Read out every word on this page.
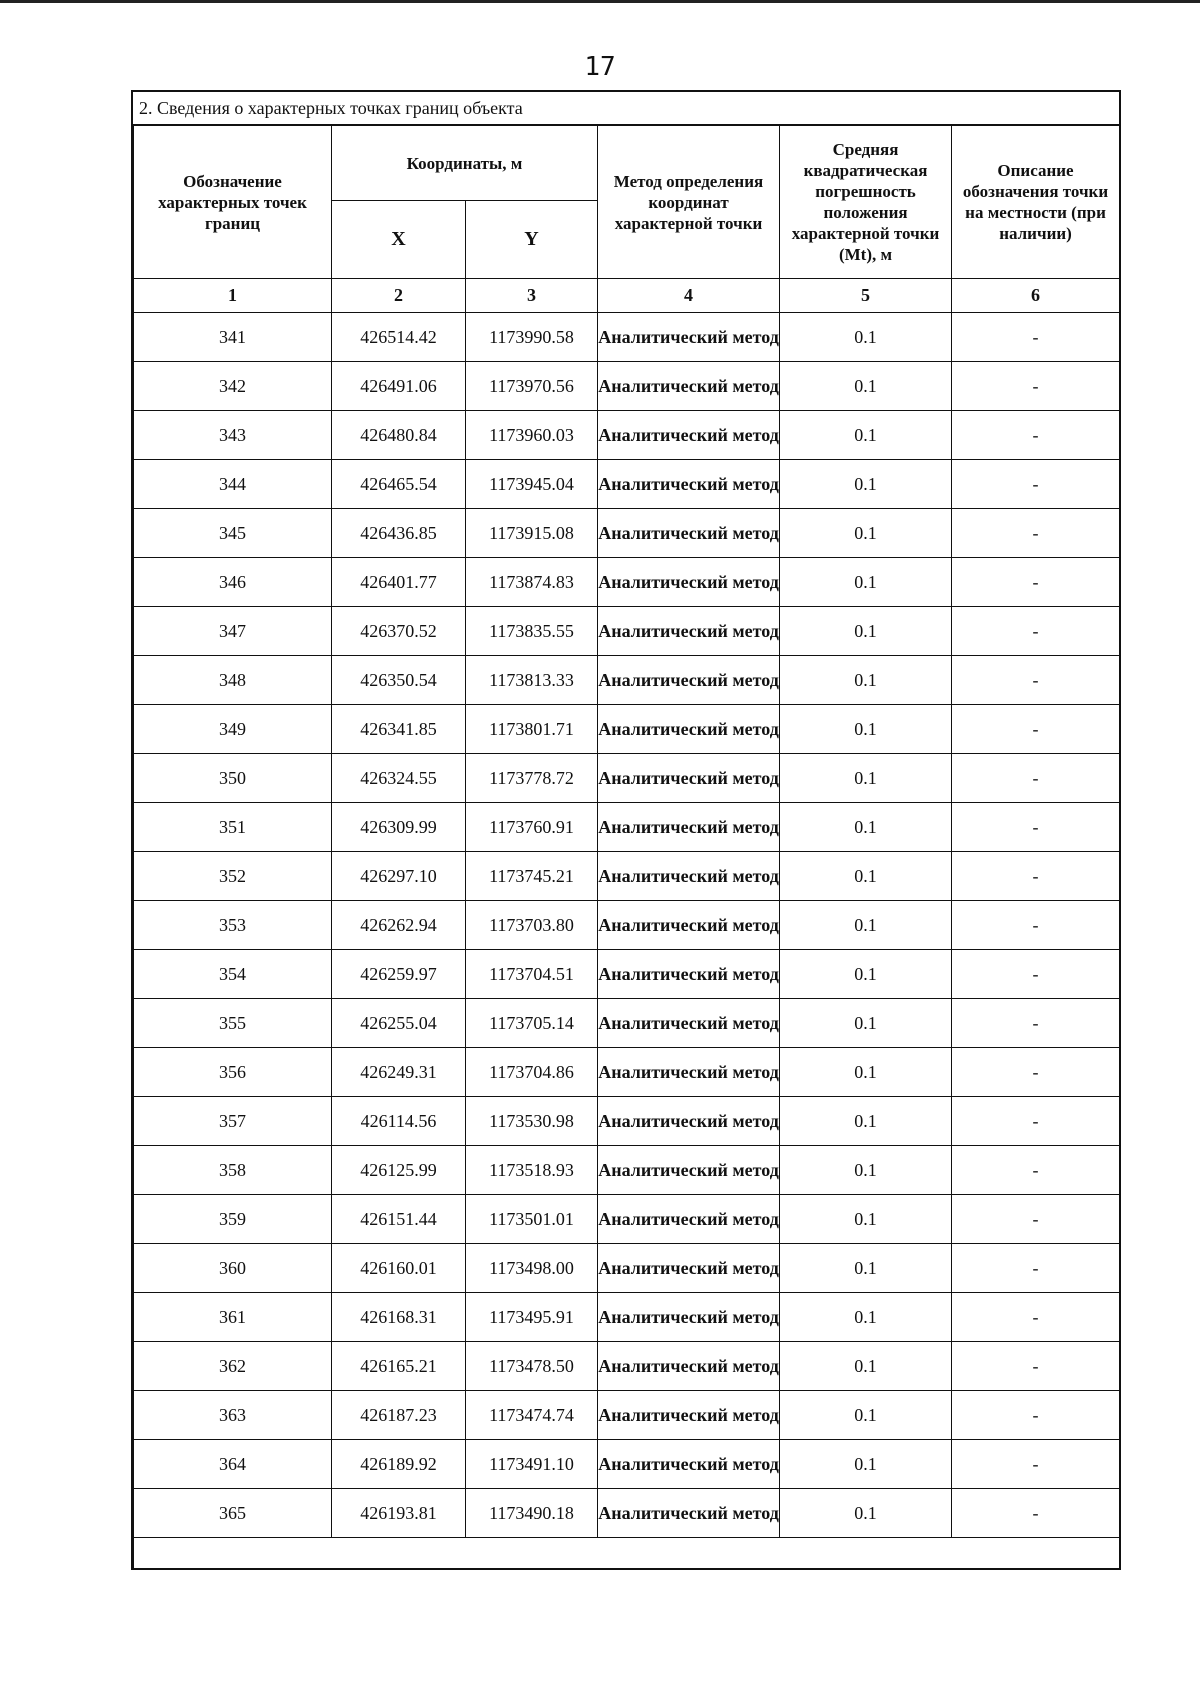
17
2. Сведения о характерных точках границ объекта
Обозначение характерных точек границ	Координаты, м		Метод определения координат характерной точки	Средняя квадратическая погрешность положения характерной точки (Mt), м	Описание обозначения точки на местности (при наличии)
	X	Y			
1	2	3	4	5	6
341	426514.42	1173990.58	Аналитический метод	0.1	-
342	426491.06	1173970.56	Аналитический метод	0.1	-
343	426480.84	1173960.03	Аналитический метод	0.1	-
344	426465.54	1173945.04	Аналитический метод	0.1	-
345	426436.85	1173915.08	Аналитический метод	0.1	-
346	426401.77	1173874.83	Аналитический метод	0.1	-
347	426370.52	1173835.55	Аналитический метод	0.1	-
348	426350.54	1173813.33	Аналитический метод	0.1	-
349	426341.85	1173801.71	Аналитический метод	0.1	-
350	426324.55	1173778.72	Аналитический метод	0.1	-
351	426309.99	1173760.91	Аналитический метод	0.1	-
352	426297.10	1173745.21	Аналитический метод	0.1	-
353	426262.94	1173703.80	Аналитический метод	0.1	-
354	426259.97	1173704.51	Аналитический метод	0.1	-
355	426255.04	1173705.14	Аналитический метод	0.1	-
356	426249.31	1173704.86	Аналитический метод	0.1	-
357	426114.56	1173530.98	Аналитический метод	0.1	-
358	426125.99	1173518.93	Аналитический метод	0.1	-
359	426151.44	1173501.01	Аналитический метод	0.1	-
360	426160.01	1173498.00	Аналитический метод	0.1	-
361	426168.31	1173495.91	Аналитический метод	0.1	-
362	426165.21	1173478.50	Аналитический метод	0.1	-
363	426187.23	1173474.74	Аналитический метод	0.1	-
364	426189.92	1173491.10	Аналитический метод	0.1	-
365	426193.81	1173490.18	Аналитический метод	0.1	-
